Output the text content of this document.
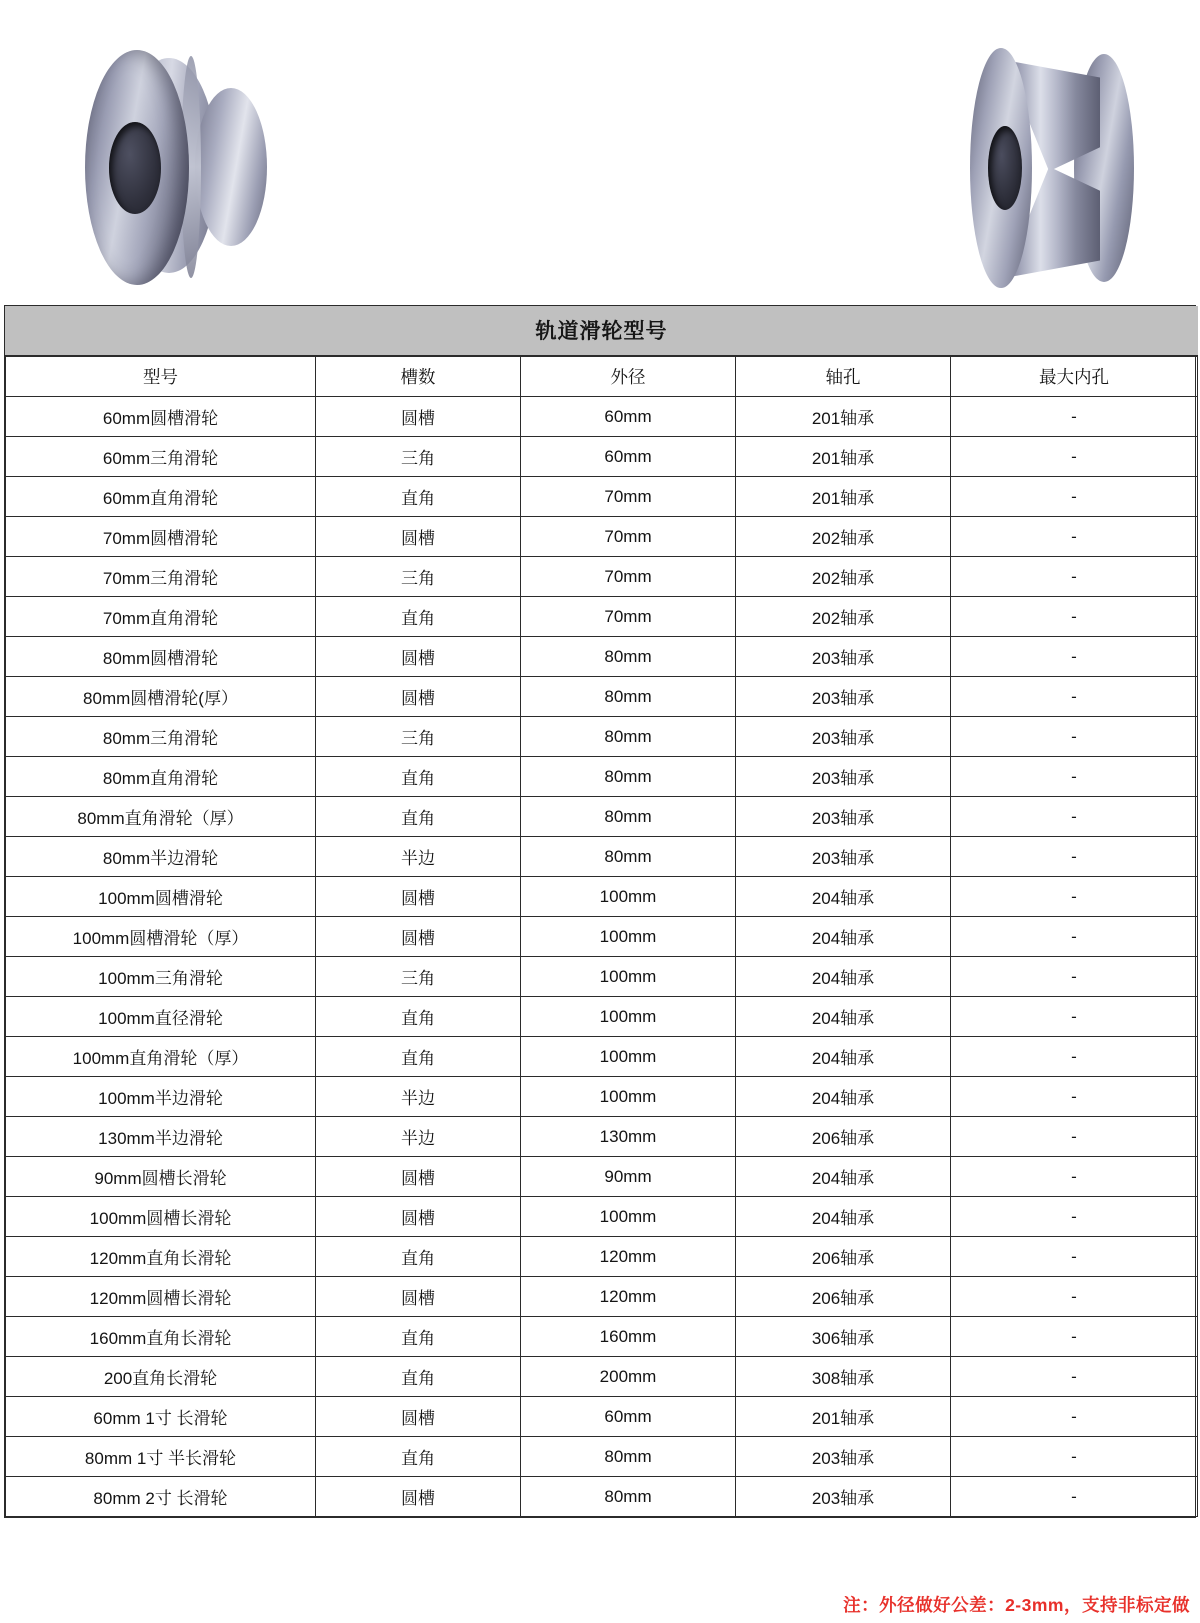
轨道滑轮型号
型号	槽数	外径	轴孔	最大内孔
60mm圆槽滑轮	圆槽	60mm	201轴承	-
60mm三角滑轮	三角	60mm	201轴承	-
60mm直角滑轮	直角	70mm	201轴承	-
70mm圆槽滑轮	圆槽	70mm	202轴承	-
70mm三角滑轮	三角	70mm	202轴承	-
70mm直角滑轮	直角	70mm	202轴承	-
80mm圆槽滑轮	圆槽	80mm	203轴承	-
80mm圆槽滑轮(厚）	圆槽	80mm	203轴承	-
80mm三角滑轮	三角	80mm	203轴承	-
80mm直角滑轮	直角	80mm	203轴承	-
80mm直角滑轮（厚）	直角	80mm	203轴承	-
80mm半边滑轮	半边	80mm	203轴承	-
100mm圆槽滑轮	圆槽	100mm	204轴承	-
100mm圆槽滑轮（厚）	圆槽	100mm	204轴承	-
100mm三角滑轮	三角	100mm	204轴承	-
100mm直径滑轮	直角	100mm	204轴承	-
100mm直角滑轮（厚）	直角	100mm	204轴承	-
100mm半边滑轮	半边	100mm	204轴承	-
130mm半边滑轮	半边	130mm	206轴承	-
90mm圆槽长滑轮	圆槽	90mm	204轴承	-
100mm圆槽长滑轮	圆槽	100mm	204轴承	-
120mm直角长滑轮	直角	120mm	206轴承	-
120mm圆槽长滑轮	圆槽	120mm	206轴承	-
160mm直角长滑轮	直角	160mm	306轴承	-
200直角长滑轮	直角	200mm	308轴承	-
60mm 1寸 长滑轮	圆槽	60mm	201轴承	-
80mm 1寸 半长滑轮	直角	80mm	203轴承	-
80mm 2寸 长滑轮	圆槽	80mm	203轴承	-
注：外径做好公差：2-3mm，支持非标定做
